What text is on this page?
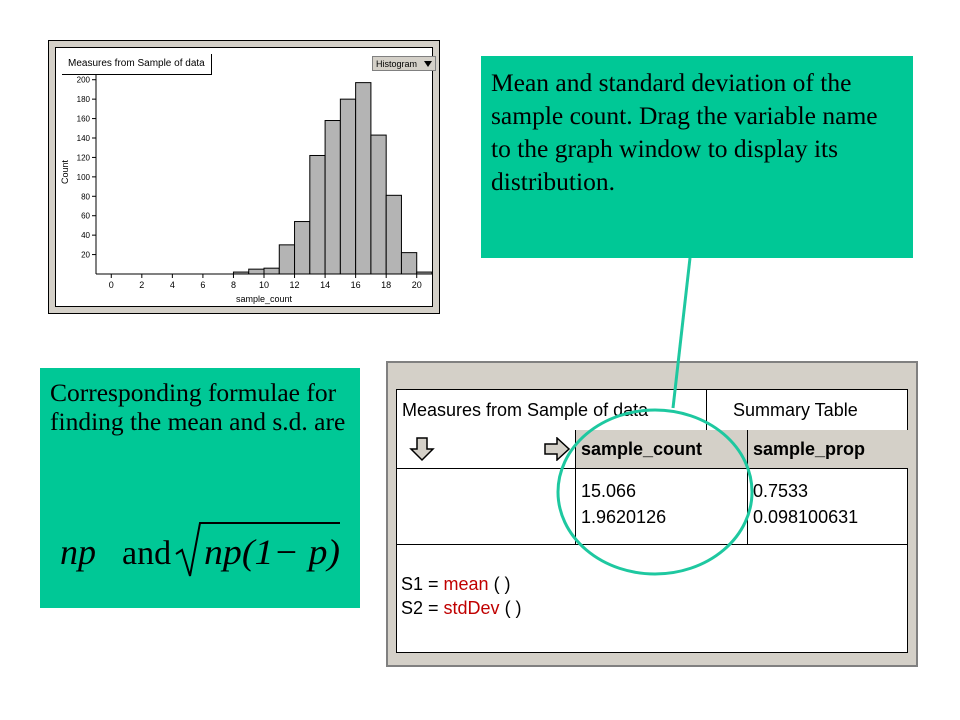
20
40
60
80
100
120
140
160
180
200
0	2	4	6	8	10 12 14 16 18 20
sample_count
Count
Measures from Sample of data	Histogram
Mean and standard deviation of the sample count. Drag the variable name to the graph window to display its distribution.
Corresponding formulae for finding the mean and s.d. are
np and np(1− p)
Measures from Sample of data	Summary Table
sample_count	sample_prop
15.066	0.7533
1.9620126	0.098100631
S1 = mean ( )
S2 = stdDev ( )
